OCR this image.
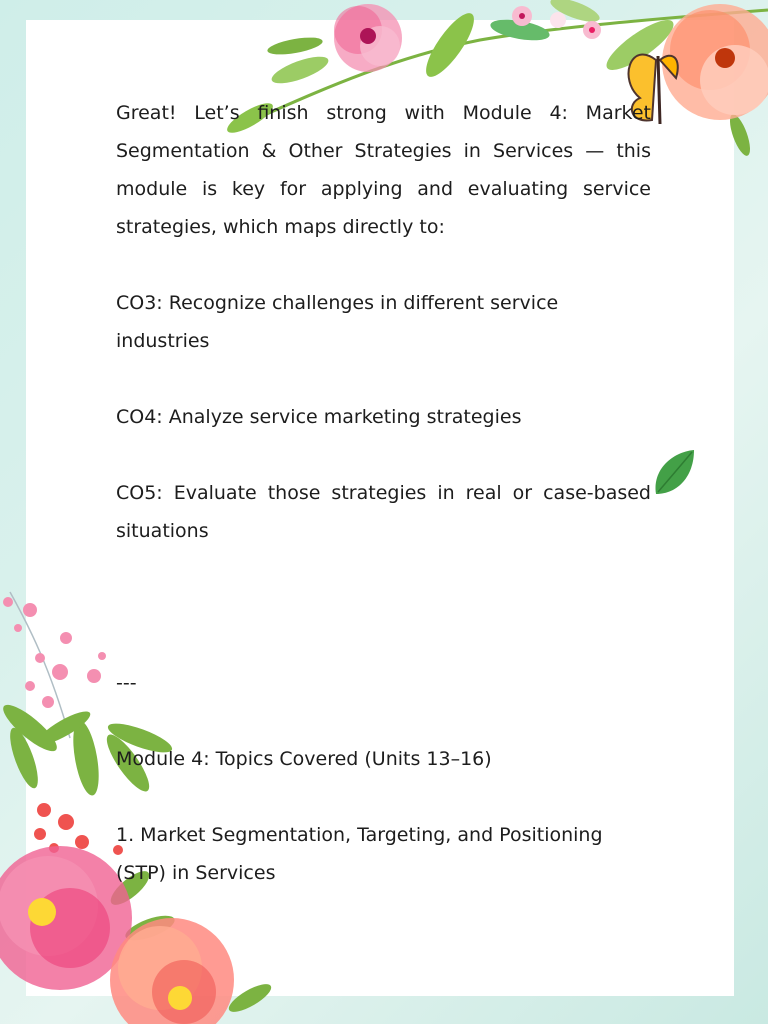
Great! Let’s finish strong with Module 4: Market Segmentation & Other Strategies in Services — this module is key for applying and evaluating service strategies, which maps directly to:

CO3: Recognize challenges in different service industries

CO4: Analyze service marketing strategies

CO5: Evaluate those strategies in real or case-based situations

---

Module 4: Topics Covered (Units 13–16)

1. Market Segmentation, Targeting, and Positioning (STP) in Services
